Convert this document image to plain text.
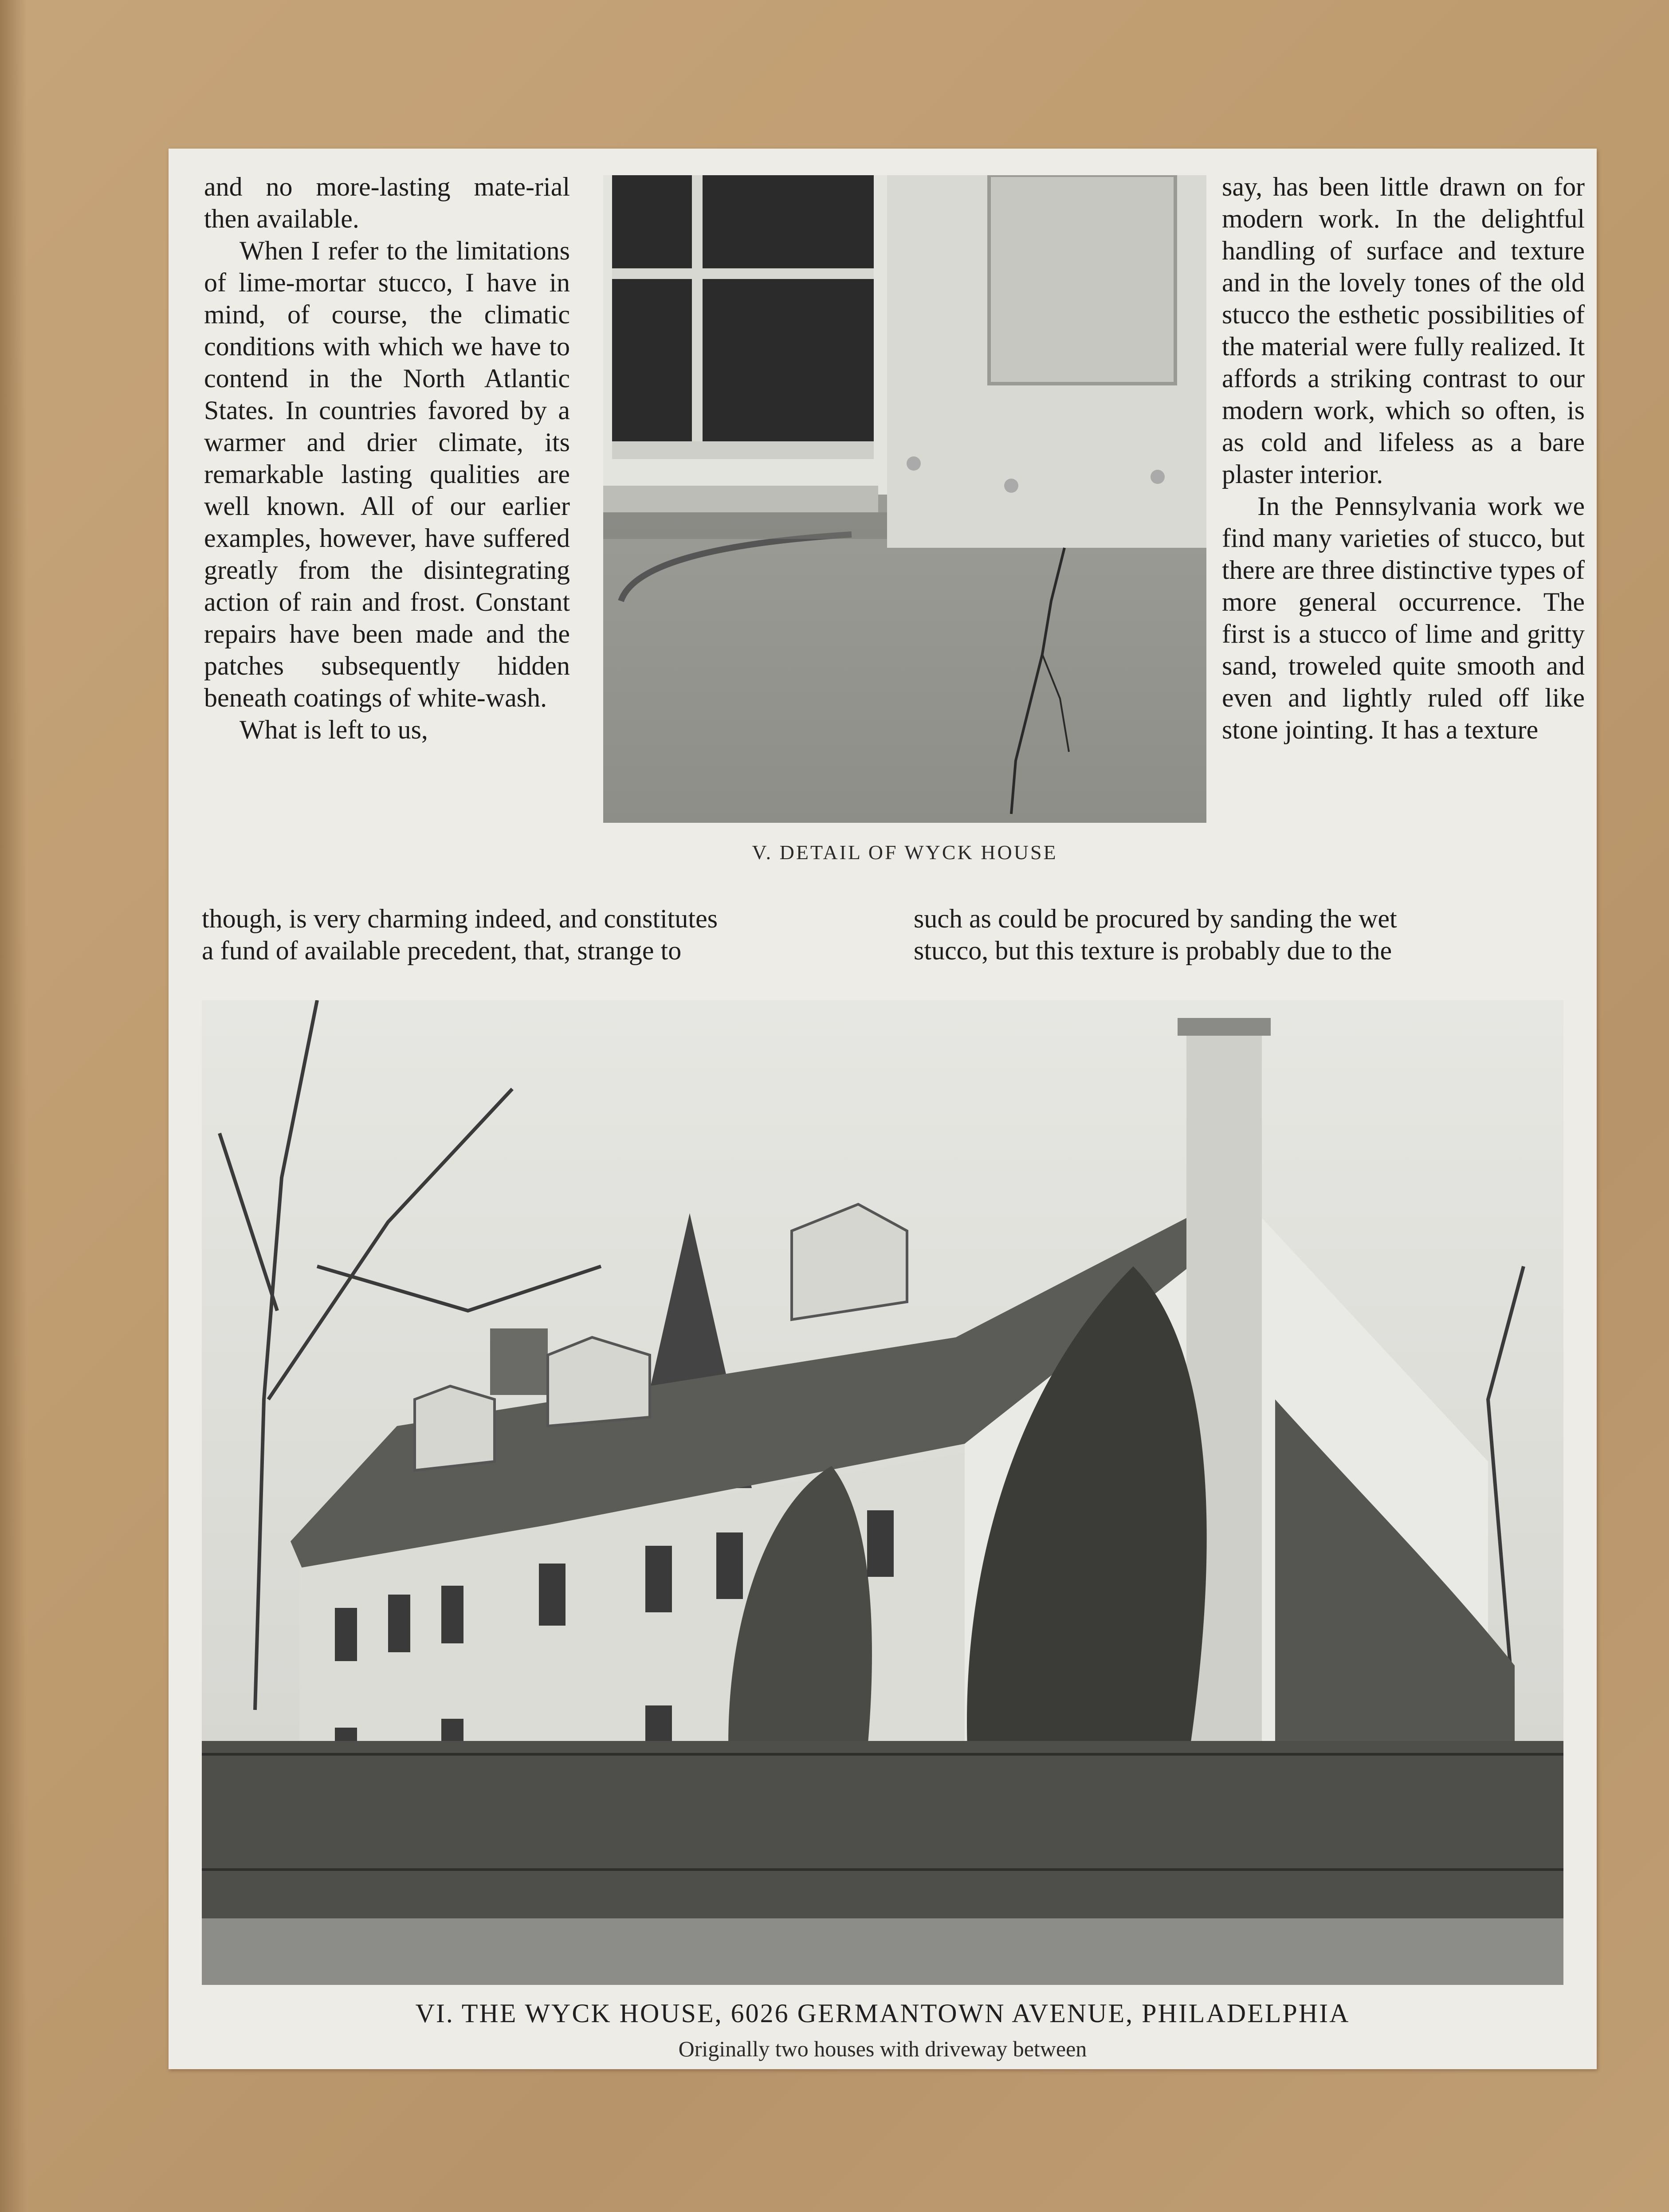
and no more-lasting mate-rial then available.

When I refer to the limitations of lime-mortar stucco, I have in mind, of course, the climatic conditions with which we have to contend in the North Atlantic States. In countries favored by a warmer and drier climate, its remarkable lasting qualities are well known. All of our earlier examples, however, have suffered greatly from the disintegrating action of rain and frost. Constant repairs have been made and the patches subsequently hidden beneath coatings of white-wash.

What is left to us,

V. DETAIL OF WYCK HOUSE

say, has been little drawn on for modern work. In the delightful handling of surface and texture and in the lovely tones of the old stucco the esthetic possibilities of the material were fully realized. It affords a striking contrast to our modern work, which so often, is as cold and lifeless as a bare plaster interior.

In the Pennsylvania work we find many varieties of stucco, but there are three distinctive types of more general occurrence. The first is a stucco of lime and gritty sand, troweled quite smooth and even and lightly ruled off like stone jointing. It has a texture

though, is very charming indeed, and constitutes
a fund of available precedent, that, strange to
such as could be procured by sanding the wet
stucco, but this texture is probably due to the
VI. THE WYCK HOUSE, 6026 GERMANTOWN AVENUE, PHILADELPHIA
Originally two houses with driveway between
